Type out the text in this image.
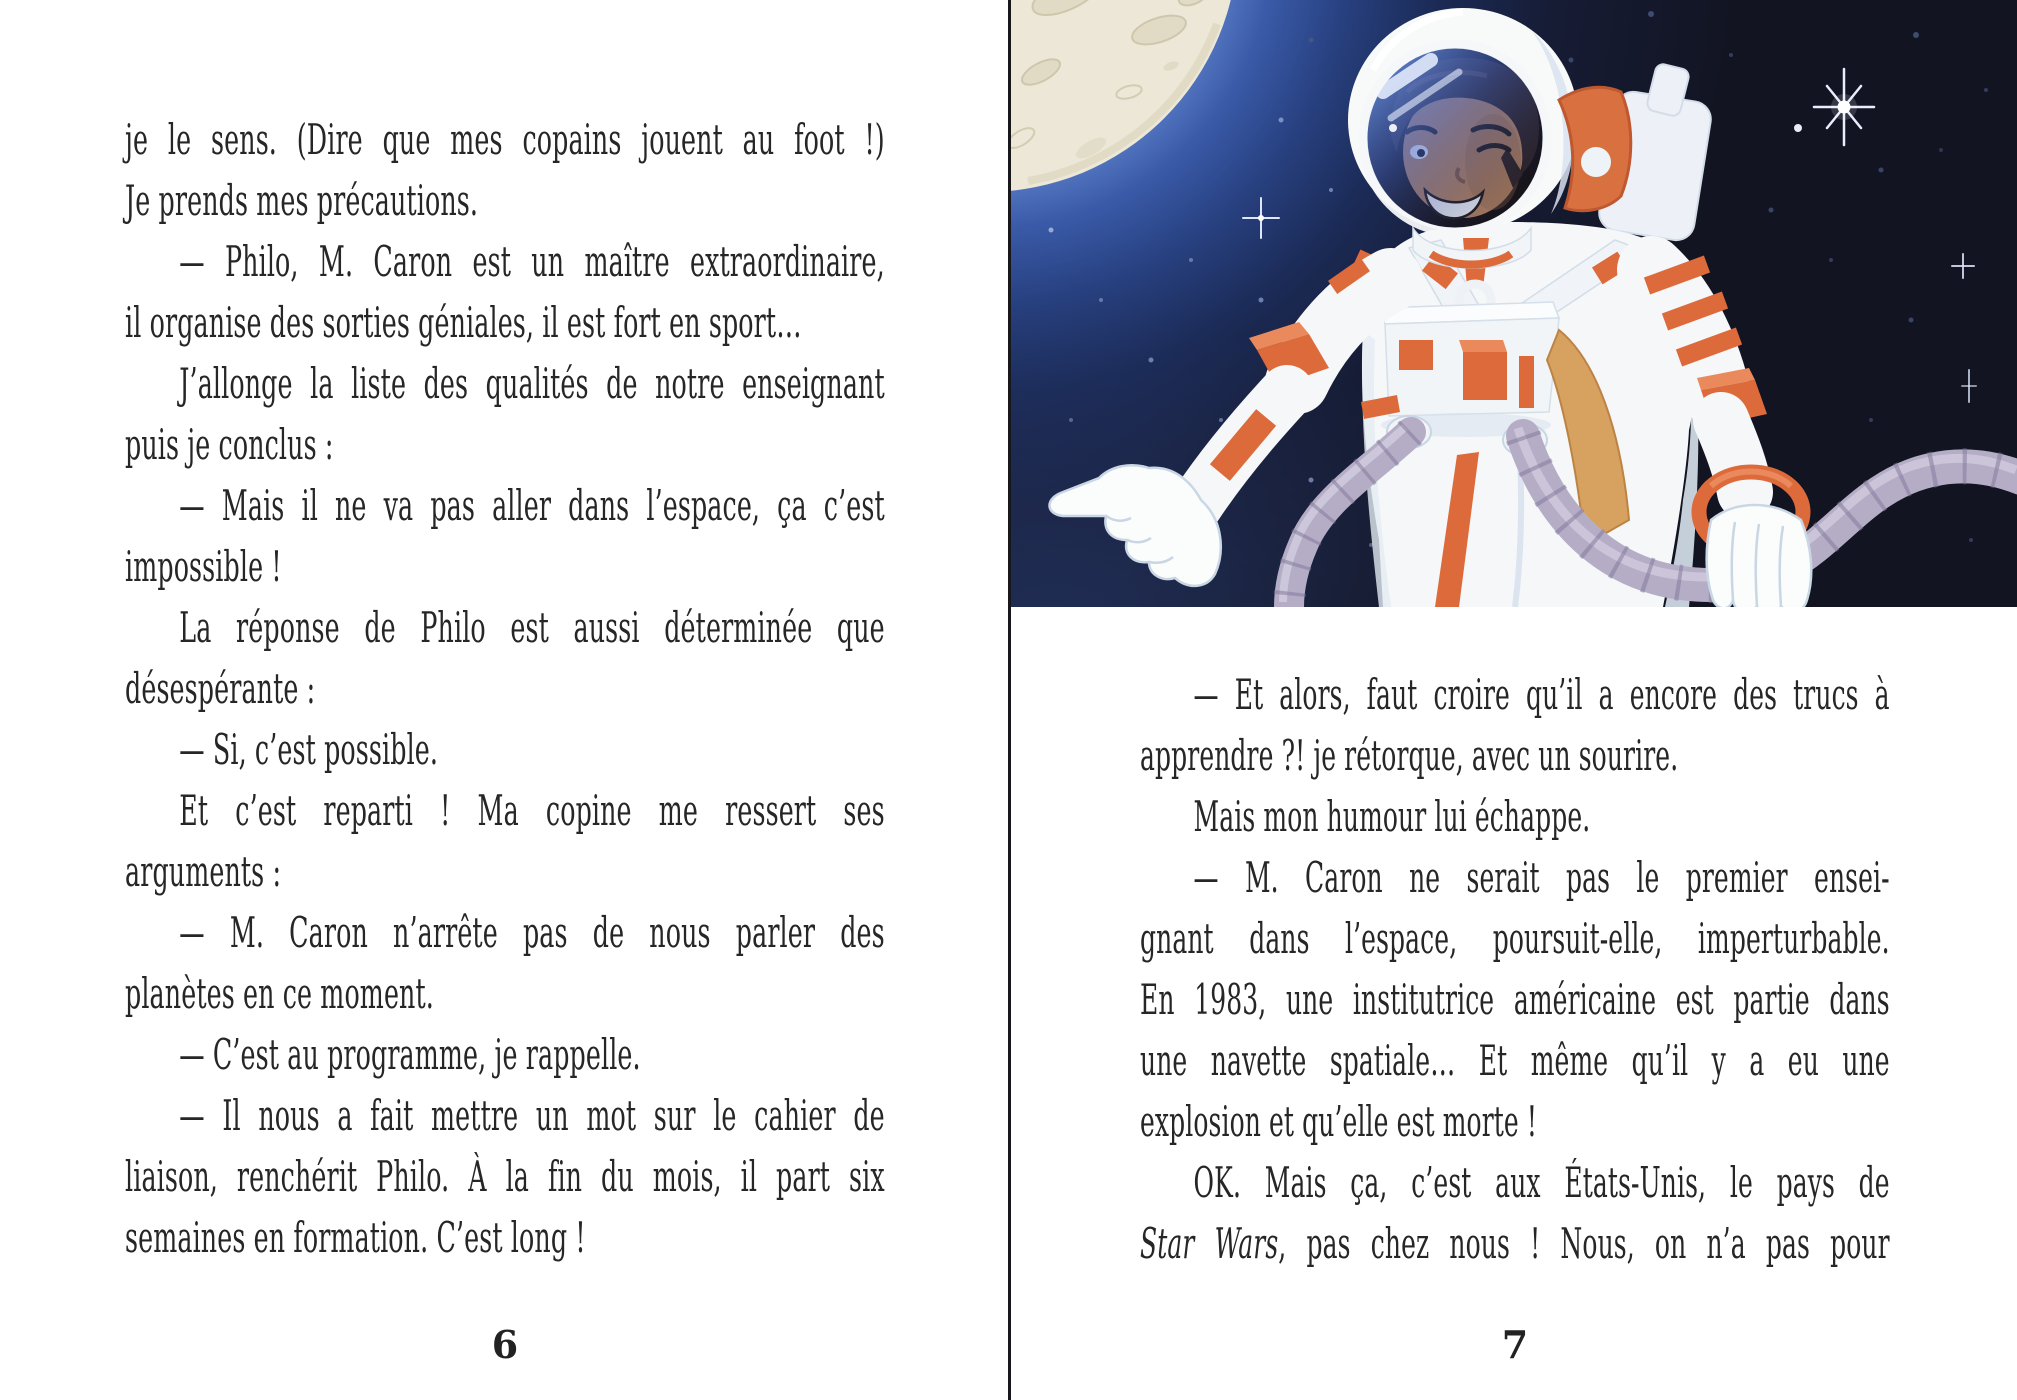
je le sens. (Dire que mes copains jouent au foot !)
Je prends mes précautions.
— Philo, M. Caron est un maître extraordinaire,
il organise des sorties géniales, il est fort en sport…
J’allonge la liste des qualités de notre enseignant
puis je conclus :
— Mais il ne va pas aller dans l’espace, ça c’est
impossible !
La réponse de Philo est aussi déterminée que
désespérante :
— Si, c’est possible.
Et c’est reparti ! Ma copine me ressert ses
arguments :
— M. Caron n’arrête pas de nous parler des
planètes en ce moment.
— C’est au programme, je rappelle.
— Il nous a fait mettre un mot sur le cahier de
liaison, renchérit Philo. À la fin du mois, il part six
semaines en formation. C’est long !
6
— Et alors, faut croire qu’il a encore des trucs à
apprendre ?! je rétorque, avec un sourire.
Mais mon humour lui échappe.
— M. Caron ne serait pas le premier ensei-
gnant dans l’espace, poursuit-elle, imperturbable.
En 1983, une institutrice américaine est partie dans
une navette spatiale… Et même qu’il y a eu une
explosion et qu’elle est morte !
OK. Mais ça, c’est aux États-Unis, le pays de
Star Wars, pas chez nous ! Nous, on n’a pas pour
7
